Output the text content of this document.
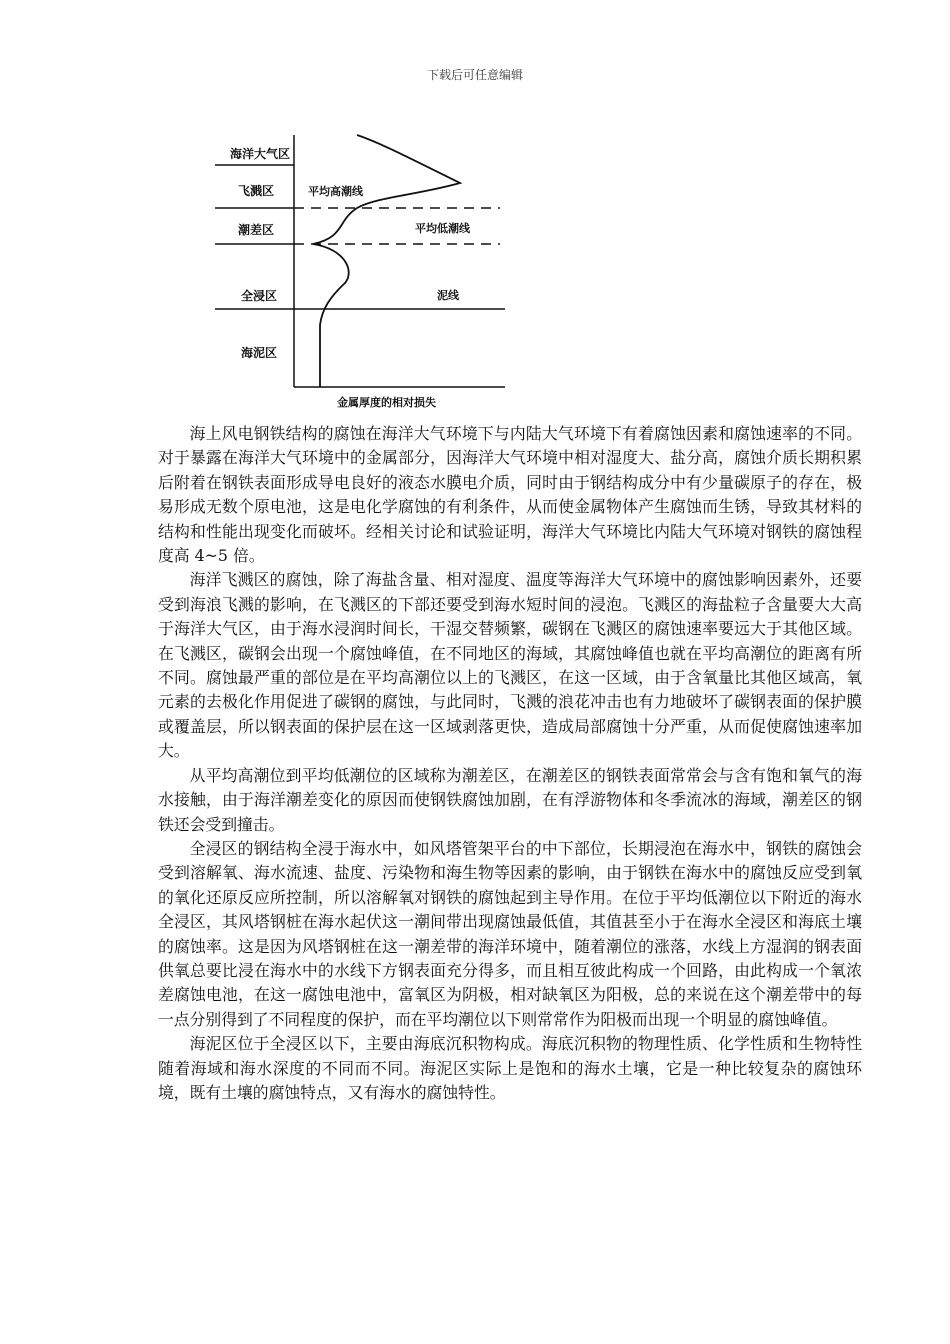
下载后可任意编辑
海洋大气区
飞溅区
潮差区
全浸区
海泥区
平均高潮线
平均低潮线
泥线
金属厚度的相对损失

海上风电钢铁结构的腐蚀在海洋大气环境下与内陆大气环境下有着腐蚀因素和腐蚀速率的不同。对于暴露在海洋大气环境中的金属部分，因海洋大气环境中相对湿度大、盐分高，腐蚀介质长期积累后附着在钢铁表面形成导电良好的液态水膜电介质，同时由于钢结构成分中有少量碳原子的存在，极易形成无数个原电池，这是电化学腐蚀的有利条件，从而使金属物体产生腐蚀而生锈，导致其材料的结构和性能出现变化而破坏。经相关讨论和试验证明，海洋大气环境比内陆大气环境对钢铁的腐蚀程度高 4~5 倍。

海洋飞溅区的腐蚀，除了海盐含量、相对湿度、温度等海洋大气环境中的腐蚀影响因素外，还要受到海浪飞溅的影响，在飞溅区的下部还要受到海水短时间的浸泡。飞溅区的海盐粒子含量要大大高于海洋大气区，由于海水浸润时间长，干湿交替频繁，碳钢在飞溅区的腐蚀速率要远大于其他区域。在飞溅区，碳钢会出现一个腐蚀峰值，在不同地区的海域，其腐蚀峰值也就在平均高潮位的距离有所不同。腐蚀最严重的部位是在平均高潮位以上的飞溅区，在这一区域，由于含氧量比其他区域高，氧元素的去极化作用促进了碳钢的腐蚀，与此同时，飞溅的浪花冲击也有力地破坏了碳钢表面的保护膜或覆盖层，所以钢表面的保护层在这一区域剥落更快，造成局部腐蚀十分严重，从而促使腐蚀速率加大。

从平均高潮位到平均低潮位的区域称为潮差区，在潮差区的钢铁表面常常会与含有饱和氧气的海水接触，由于海洋潮差变化的原因而使钢铁腐蚀加剧，在有浮游物体和冬季流冰的海域，潮差区的钢铁还会受到撞击。

全浸区的钢结构全浸于海水中，如风塔管架平台的中下部位，长期浸泡在海水中，钢铁的腐蚀会受到溶解氧、海水流速、盐度、污染物和海生物等因素的影响，由于钢铁在海水中的腐蚀反应受到氧的氧化还原反应所控制，所以溶解氧对钢铁的腐蚀起到主导作用。在位于平均低潮位以下附近的海水全浸区，其风塔钢桩在海水起伏这一潮间带出现腐蚀最低值，其值甚至小于在海水全浸区和海底土壤的腐蚀率。这是因为风塔钢桩在这一潮差带的海洋环境中，随着潮位的涨落，水线上方湿润的钢表面供氧总要比浸在海水中的水线下方钢表面充分得多，而且相互彼此构成一个回路，由此构成一个氧浓差腐蚀电池，在这一腐蚀电池中，富氧区为阴极，相对缺氧区为阳极，总的来说在这个潮差带中的每一点分别得到了不同程度的保护，而在平均潮位以下则常常作为阳极而出现一个明显的腐蚀峰值。

海泥区位于全浸区以下，主要由海底沉积物构成。海底沉积物的物理性质、化学性质和生物特性随着海域和海水深度的不同而不同。海泥区实际上是饱和的海水土壤，它是一种比较复杂的腐蚀环境，既有土壤的腐蚀特点，又有海水的腐蚀特性。
